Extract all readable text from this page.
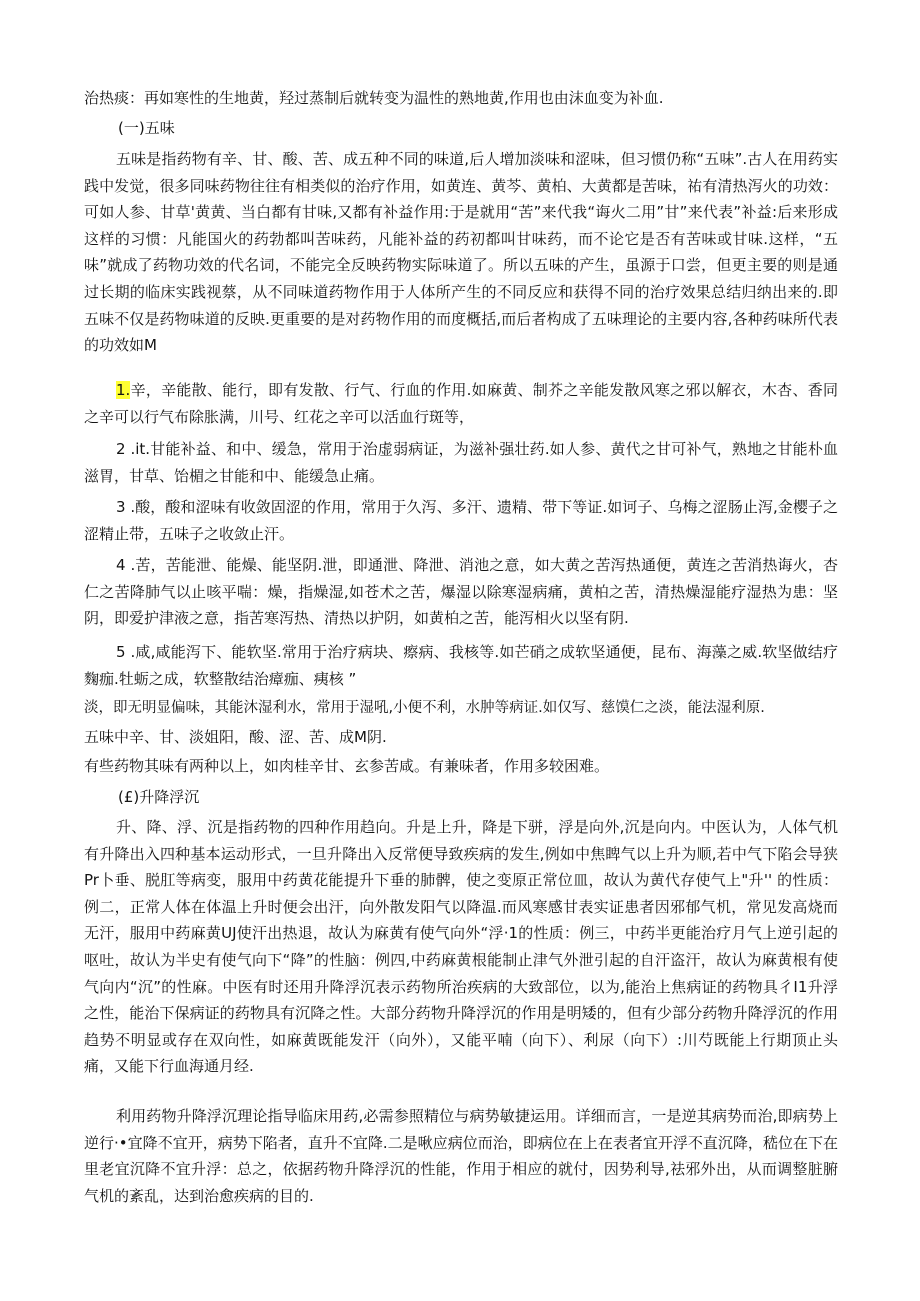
治热痰：再如寒性的生地黄，羟过蒸制后就转变为温性的熟地黄,作用也由沫血变为补血.

(一)五味

五味是指药物有辛、甘、酸、苦、成五种不同的味道,后人增加淡味和涩味，但习惯仍称“五味”.古人在用药实践中发觉，很多同味药物往往有相类似的治疗作用，如黄连、黄芩、黄柏、大黄都是苦味，祐有清热泻火的功效：可如人参、甘草'黄黄、当白都有甘味,又都有补益作用:于是就用“苦”来代我“诲火二用”甘”来代表”补益:后来形成这样的习惯：凡能国火的药勃都叫苦味药，凡能补益的药初都叫甘味药，而不论它是否有苦味或甘味.这样，“五味”就成了药物功效的代名词，不能完全反映药物实际味道了。所以五味的产生，虽源于口尝，但更主要的则是通过长期的临床实践视蔡，从不同味道药物作用于人体所产生的不同反应和获得不同的治疗效果总结归纳出来的.即五味不仅是药物味道的反映.更重要的是对药物作用的而度概括,而后者构成了五味理论的主要内容,各种药味所代表的功效如M

1.辛，辛能散、能行，即有发散、行气、行血的作用.如麻黄、制芥之辛能发散风寒之邪以解衣，木杏、香同之辛可以行气布除胀满，川号、红花之辛可以活血行斑等，

2 .it.甘能补益、和中、缓急，常用于治虚弱病证，为滋补强壮药.如人参、黄代之甘可补气，熟地之甘能朴血滋胃，甘草、饴楣之甘能和中、能缓急止痛。

3 .酸，酸和涩味有收敛固涩的作用，常用于久泻、多汗、遗精、带下等证.如诃子、乌梅之涩肠止泻,金樱子之涩精止带，五味子之收敛止汗。

4 .苦，苦能泄、能燥、能坚阴.泄，即通泄、降泄、消池之意，如大黄之苦泻热通便，黄连之苦消热诲火，杏仁之苦降肺气以止咳平喘：燥，指燥湿,如苍术之苦，爆湿以除寒湿病痛，黄柏之苦，清热燥湿能疗湿热为患：坚阴，即爱护津液之意，指苦寒泻热、清热以护阴，如黄柏之苦，能泻相火以坚有阴.

5 .咸,咸能泻下、能软坚.常用于治疗病块、瘵病、我核等.如芒硝之成软坚通便，昆布、海藻之威.软坚做结疗麴痂.牡蛎之成，软整散结治瘴痂、痍核 ”

淡，即无明显偏味，其能沐湿利水，常用于湿吼,小便不利，水肿等病证.如仅写、慈馍仁之淡，能法湿利原.

五味中辛、甘、淡姐阳，酸、涩、苦、成M阴.

有些药物其味有两种以上，如肉桂辛甘、玄参苦咸。有兼味者，作用多较困难。

(£)升降浮沉

升、降、浮、沉是指药物的四种作用趋向。升是上升，降是下骈，浮是向外,沉是向内。中医认为，人体气机有升降出入四种基本运动形式，一旦升降出入反常便导致疾病的发生,例如中焦睥气以上升为顺,若中气下陷会导狭Pr卜垂、脱肛等病变，服用中药黄花能提升下垂的肺髀，使之变原正常位皿，故认为黄代存使气上"升'' 的性质：例二，正常人体在体温上升时便会出汗，向外散发阳气以降温.而风寒感甘表实证患者因邪郁气机，常见发高烧而无汗，服用中药麻黄UJ使汗出热退，故认为麻黄有使气向外“浮·1的性质：例三，中药半更能治疗月气上逆引起的呕吐，故认为半史有使气向下“降”的性脑：例四,中药麻黄根能制止津气外泄引起的自汗盗汗，故认为麻黄根有使气向内“沉”的性麻。中医有时还用升降浮沉表示药物所治疾病的大致部位，以为,能治上焦病证的药物具彳I1升浮之性，能治下保病证的药物具有沉降之性。大部分药物升降浮沉的作用是明矮的，但有少部分药物升降浮沉的作用趋势不明显或存在双向性，如麻黄既能发汗（向外），又能平喃（向下）、利尿（向下）:川芍既能上行期顶止头痛，又能下行血海通月经.

利用药物升降浮沉理论指导临床用药,必需参照精位与病势敏捷运用。详细而言，一是逆其病势而治,即病势上逆行·•宜降不宜开，病势下陷者，直升不宜降.二是啾应病位而治，即病位在上在表者宜开浮不直沉降，嵇位在下在里老宜沉降不宜升浮：总之，依据药物升降浮沉的性能，作用于相应的就付，因势利导,祛邪外出，从而调整脏腑气机的紊乱，达到治愈疾病的目的.
